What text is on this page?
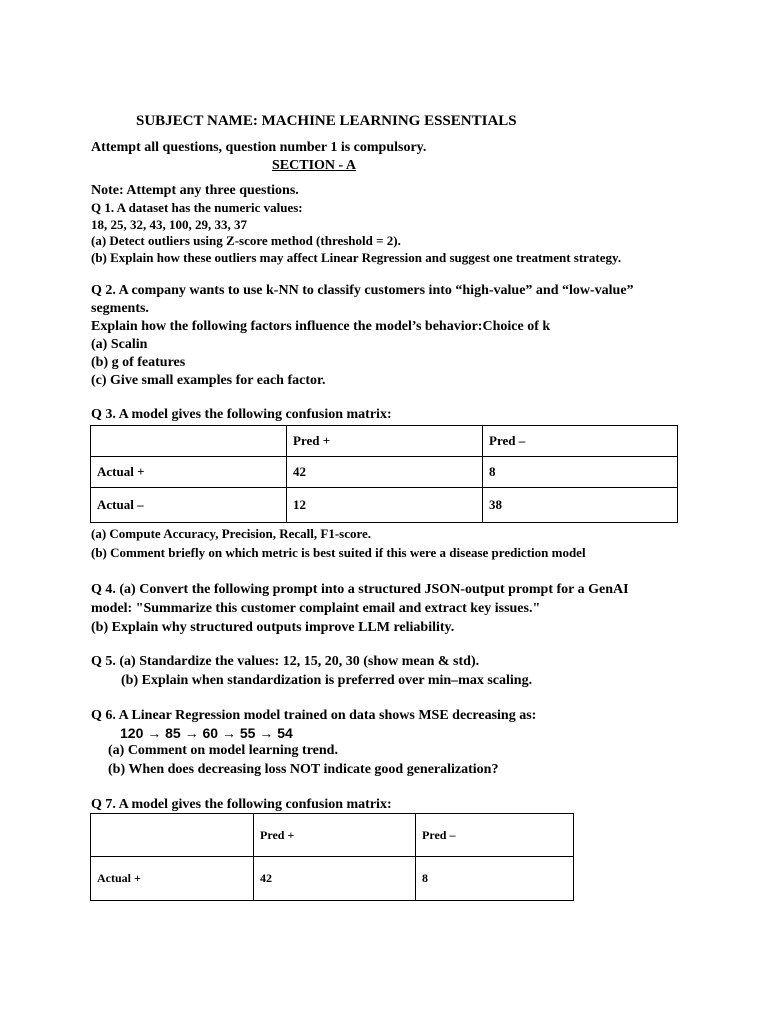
SUBJECT NAME: MACHINE LEARNING ESSENTIALS
Attempt all questions, question number 1 is compulsory.
SECTION - A
Note: Attempt any three questions.
Q 1. A dataset has the numeric values:
18, 25, 32, 43, 100, 29, 33, 37
(a) Detect outliers using Z-score method (threshold = 2).
(b) Explain how these outliers may affect Linear Regression and suggest one treatment strategy.
Q 2. A company wants to use k-NN to classify customers into “high-value” and “low-value”
segments.
Explain how the following factors influence the model’s behavior:Choice of k
(a) Scalin
(b) g of features
(c) Give small examples for each factor.
Q 3. A model gives the following confusion matrix:
	Pred +	Pred –
Actual +	42	8
Actual –	12	38
(a) Compute Accuracy, Precision, Recall, F1-score.
(b) Comment briefly on which metric is best suited if this were a disease prediction model
Q 4. (a) Convert the following prompt into a structured JSON-output prompt for a GenAI
model: "Summarize this customer complaint email and extract key issues."
(b) Explain why structured outputs improve LLM reliability.
Q 5. (a) Standardize the values: 12, 15, 20, 30 (show mean & std).
(b) Explain when standardization is preferred over min–max scaling.
Q 6. A Linear Regression model trained on data shows MSE decreasing as:
120 → 85 → 60 → 55 → 54
(a) Comment on model learning trend.
(b) When does decreasing loss NOT indicate good generalization?
Q 7. A model gives the following confusion matrix:
	Pred +	Pred –
Actual +	42	8
